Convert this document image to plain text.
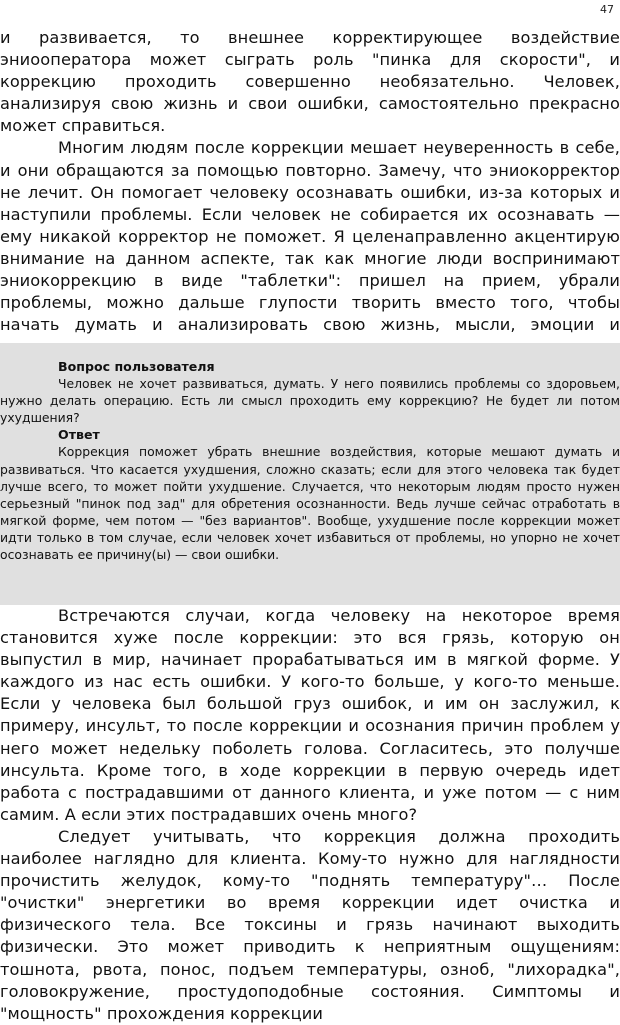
47

и развивается, то внешнее корректирующее воздействие эниооператора может сыграть роль "пинка для скорости", и коррекцию проходить совершенно необязательно. Человек, анализируя свою жизнь и свои ошибки, самостоятельно прекрасно может справиться.

Многим людям после коррекции мешает неуверенность в себе, и они обращаются за помощью повторно. Замечу, что эниокорректор не лечит. Он помогает человеку осознавать ошибки, из-за которых и наступили проблемы. Если человек не собирается их осознавать — ему никакой корректор не поможет. Я целенаправленно акцентирую внимание на данном аспекте, так как многие люди воспринимают эниокоррекцию в виде "таблетки": пришел на прием, убрали проблемы, можно дальше глупости творить вместо того, чтобы начать думать и анализировать свою жизнь, мысли, эмоции и

Вопрос пользователя

Человек не хочет развиваться, думать. У него появились проблемы со здоровьем, нужно делать операцию. Есть ли смысл проходить ему коррекцию? Не будет ли потом ухудшения?

Ответ

Коррекция поможет убрать внешние воздействия, которые мешают думать и развиваться. Что касается ухудшения, сложно сказать; если для этого человека так будет лучше всего, то может пойти ухудшение. Случается, что некоторым людям просто нужен серьезный "пинок под зад" для обретения осознанности. Ведь лучше сейчас отработать в мягкой форме, чем потом — "без вариантов". Вообще, ухудшение после коррекции может идти только в том случае, если человек хочет избавиться от проблемы, но упорно не хочет осознавать ее причину(ы) — свои ошибки.

Встречаются случаи, когда человеку на некоторое время становится хуже после коррекции: это вся грязь, которую он выпустил в мир, начинает прорабатываться им в мягкой форме. У каждого из нас есть ошибки. У кого-то больше, у кого-то меньше. Если у человека был большой груз ошибок, и им он заслужил, к примеру, инсульт, то после коррекции и осознания причин проблем у него может недельку поболеть голова. Согласитесь, это получше инсульта. Кроме того, в ходе коррекции в первую очередь идет работа с пострадавшими от данного клиента, и уже потом — с ним самим. А если этих пострадавших очень много?

Следует учитывать, что коррекция должна проходить наиболее наглядно для клиента. Кому-то нужно для наглядности прочистить желудок, кому-то "поднять температуру"… После "очистки" энергетики во время коррекции идет очистка и физического тела. Все токсины и грязь начинают выходить физически. Это может приводить к неприятным ощущениям: тошнота, рвота, понос, подъем температуры, озноб, "лихорадка", головокружение, простудоподобные состояния. Симптомы и "мощность" прохождения коррекции
